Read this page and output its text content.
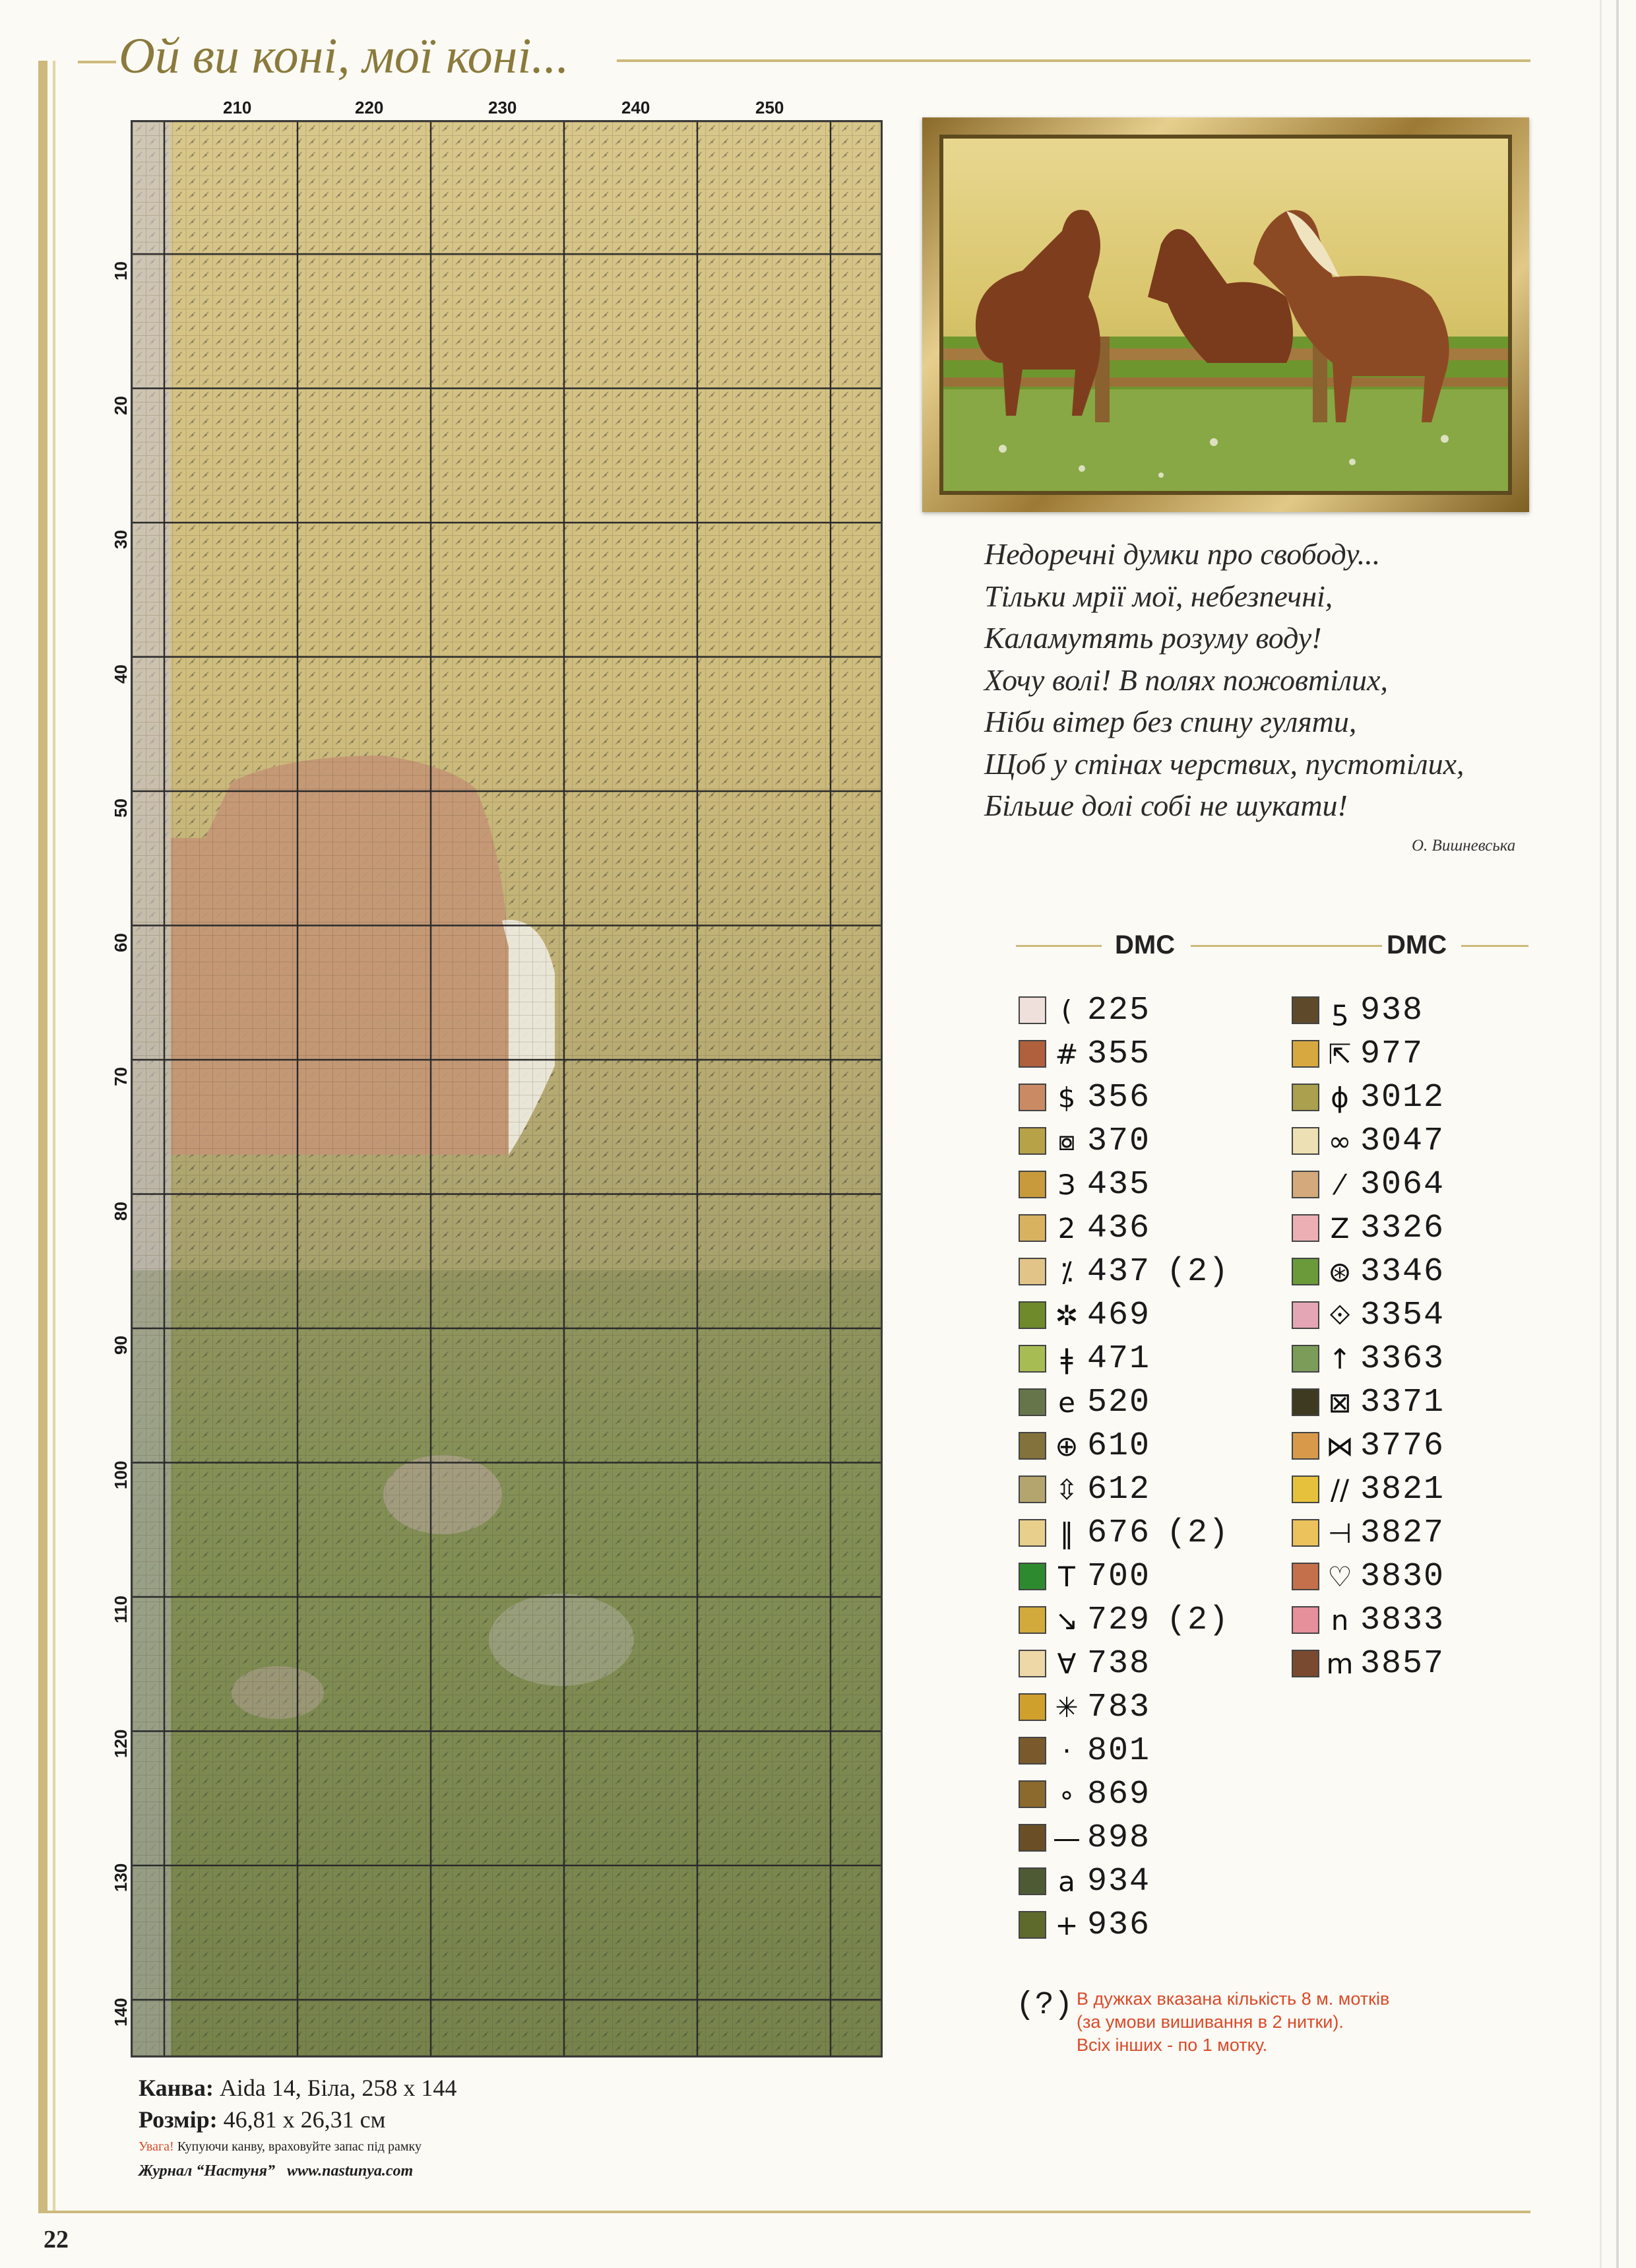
Ой ви коні, мої коні...
210	220	230	240	250
10
20
30
40
50
60
70
80
90
100
110
120
130
140
Недоречні думки про свободу...
Тільки мрії мої, небезпечні,
Каламутять розуму воду!
Хочу волі! В полях пожовтілих,
Ніби вітер без спину гуляти,
Щоб у стінах черствих, пустотілих,
Більше долі собі не шукати!
О. Вишневська
DMC	DMC
( 225
# 355
$ 356
⧇ 370
З 435
2 436
⁒ 437 (2)
✲ 469
ǂ 471
e 520
⊕ 610
⇳ 612
‖ 676 (2)
T 700
↘ 729 (2)
∀ 738
✳ 783
· 801
∘ 869
— 898
a 934
+ 936
ƽ 938
⇱ 977
ɸ 3012
∞ 3047
⁄ 3064
Z 3326
⊛ 3346
⟐ 3354
↑ 3363
⊠ 3371
⋈ 3776
// 3821
⊣ 3827
♡ 3830
n 3833
m 3857
(?) В дужках вказана кількість 8 м. мотків
(за умови вишивання в 2 нитки).
Всіх інших - по 1 мотку.
Канва: Aida 14, Біла, 258 х 144
Розмір: 46,81 х 26,31 см
Увага! Купуючи канву, враховуйте запас під рамку
Журнал “Настуня” www.nastunya.com
22
